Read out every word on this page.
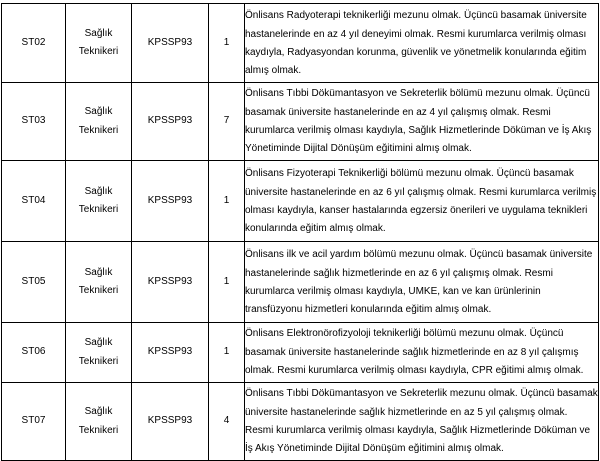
ST02	Sağlık Teknikeri	KPSSP93	1	Önlisans Radyoterapi teknikerliği mezunu olmak. Üçüncü basamak üniversite hastanelerinde en az 4 yıl deneyimi olmak. Resmi kurumlarca verilmiş olması kaydıyla, Radyasyondan korunma, güvenlik ve yönetmelik konularında eğitim almış olmak.
ST03	Sağlık Teknikeri	KPSSP93	7	Önlisans Tıbbi Dökümantasyon ve Sekreterlik bölümü mezunu olmak. Üçüncü basamak üniversite hastanelerinde en az 4 yıl çalışmış olmak. Resmi kurumlarca verilmiş olması kaydıyla, Sağlık Hizmetlerinde Döküman ve İş Akış Yönetiminde Dijital Dönüşüm eğitimini almış olmak.
ST04	Sağlık Teknikeri	KPSSP93	1	Önlisans Fizyoterapi Teknikerliği bölümü mezunu olmak. Üçüncü basamak üniversite hastanelerinde en az 6 yıl çalışmış olmak. Resmi kurumlarca verilmiş olması kaydıyla, kanser hastalarında egzersiz önerileri ve uygulama teknikleri konularında eğitim almış olmak.
ST05	Sağlık Teknikeri	KPSSP93	1	Önlisans ilk ve acil yardım bölümü mezunu olmak. Üçüncü basamak üniversite hastanelerinde sağlık hizmetlerinde en az 6 yıl çalışmış olmak. Resmi kurumlarca verilmiş olması kaydıyla, UMKE, kan ve kan ürünlerinin transfüzyonu hizmetleri konularında eğitim almış olmak.
ST06	Sağlık Teknikeri	KPSSP93	1	Önlisans Elektronörofizyoloji teknikerliği bölümü mezunu olmak. Üçüncü basamak üniversite hastanelerinde sağlık hizmetlerinde en az 8 yıl çalışmış olmak. Resmi kurumlarca verilmiş olması kaydıyla, CPR eğitimi almış olmak.
ST07	Sağlık Teknikeri	KPSSP93	4	Önlisans Tıbbi Dökümantasyon ve Sekreterlik mezunu olmak. Üçüncü basamak üniversite hastanelerinde sağlık hizmetlerinde en az 5 yıl çalışmış olmak. Resmi kurumlarca verilmiş olması kaydıyla, Sağlık Hizmetlerinde Döküman ve İş Akış Yönetiminde Dijital Dönüşüm eğitimini almış olmak.
